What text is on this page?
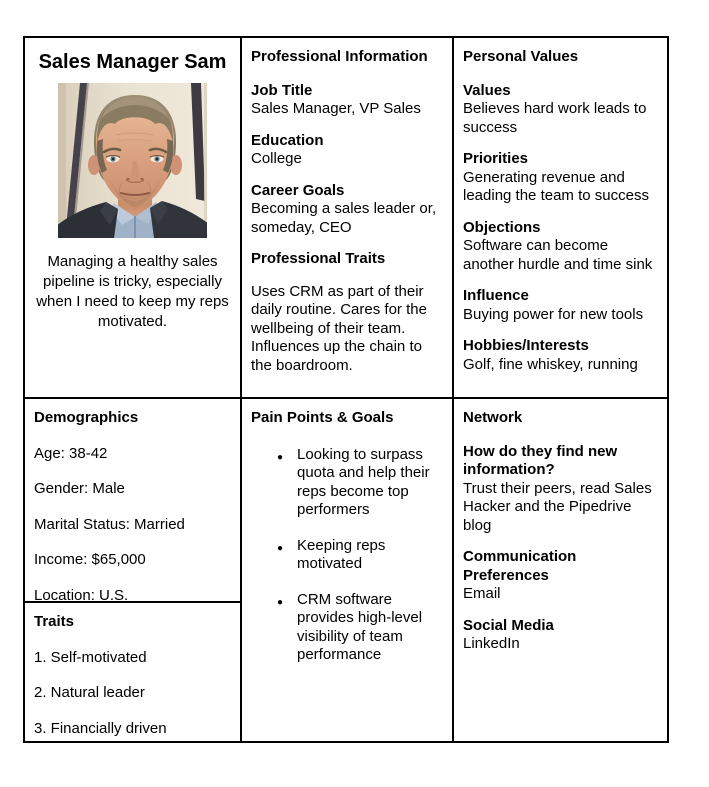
Sales Manager Sam
Managing a healthy sales pipeline is tricky, especially when I need to keep my reps motivated.

Professional Information

Job Title

Sales Manager, VP Sales

Education

College

Career Goals

Becoming a sales leader or, someday, CEO

Professional Traits

Uses CRM as part of their daily routine. Cares for the wellbeing of their team. Influences up the chain to the boardroom.

Personal Values

Values

Believes hard work leads to success

Priorities

Generating revenue and leading the team to success

Objections

Software can become another hurdle and time sink

Influence

Buying power for new tools

Hobbies/Interests

Golf, fine whiskey, running

Demographics

Age: 38-42

Gender: Male

Marital Status: Married

Income: $65,000

Location: U.S.

Traits

1. Self-motivated

2. Natural leader

3. Financially driven

Pain Points & Goals

● Looking to surpass quota and help their reps become top performers
● Keeping reps motivated
● CRM software provides high-level visibility of team performance

Network

How do they find new information?

Trust their peers, read Sales Hacker and the Pipedrive blog

Communication Preferences

Email

Social Media

LinkedIn
